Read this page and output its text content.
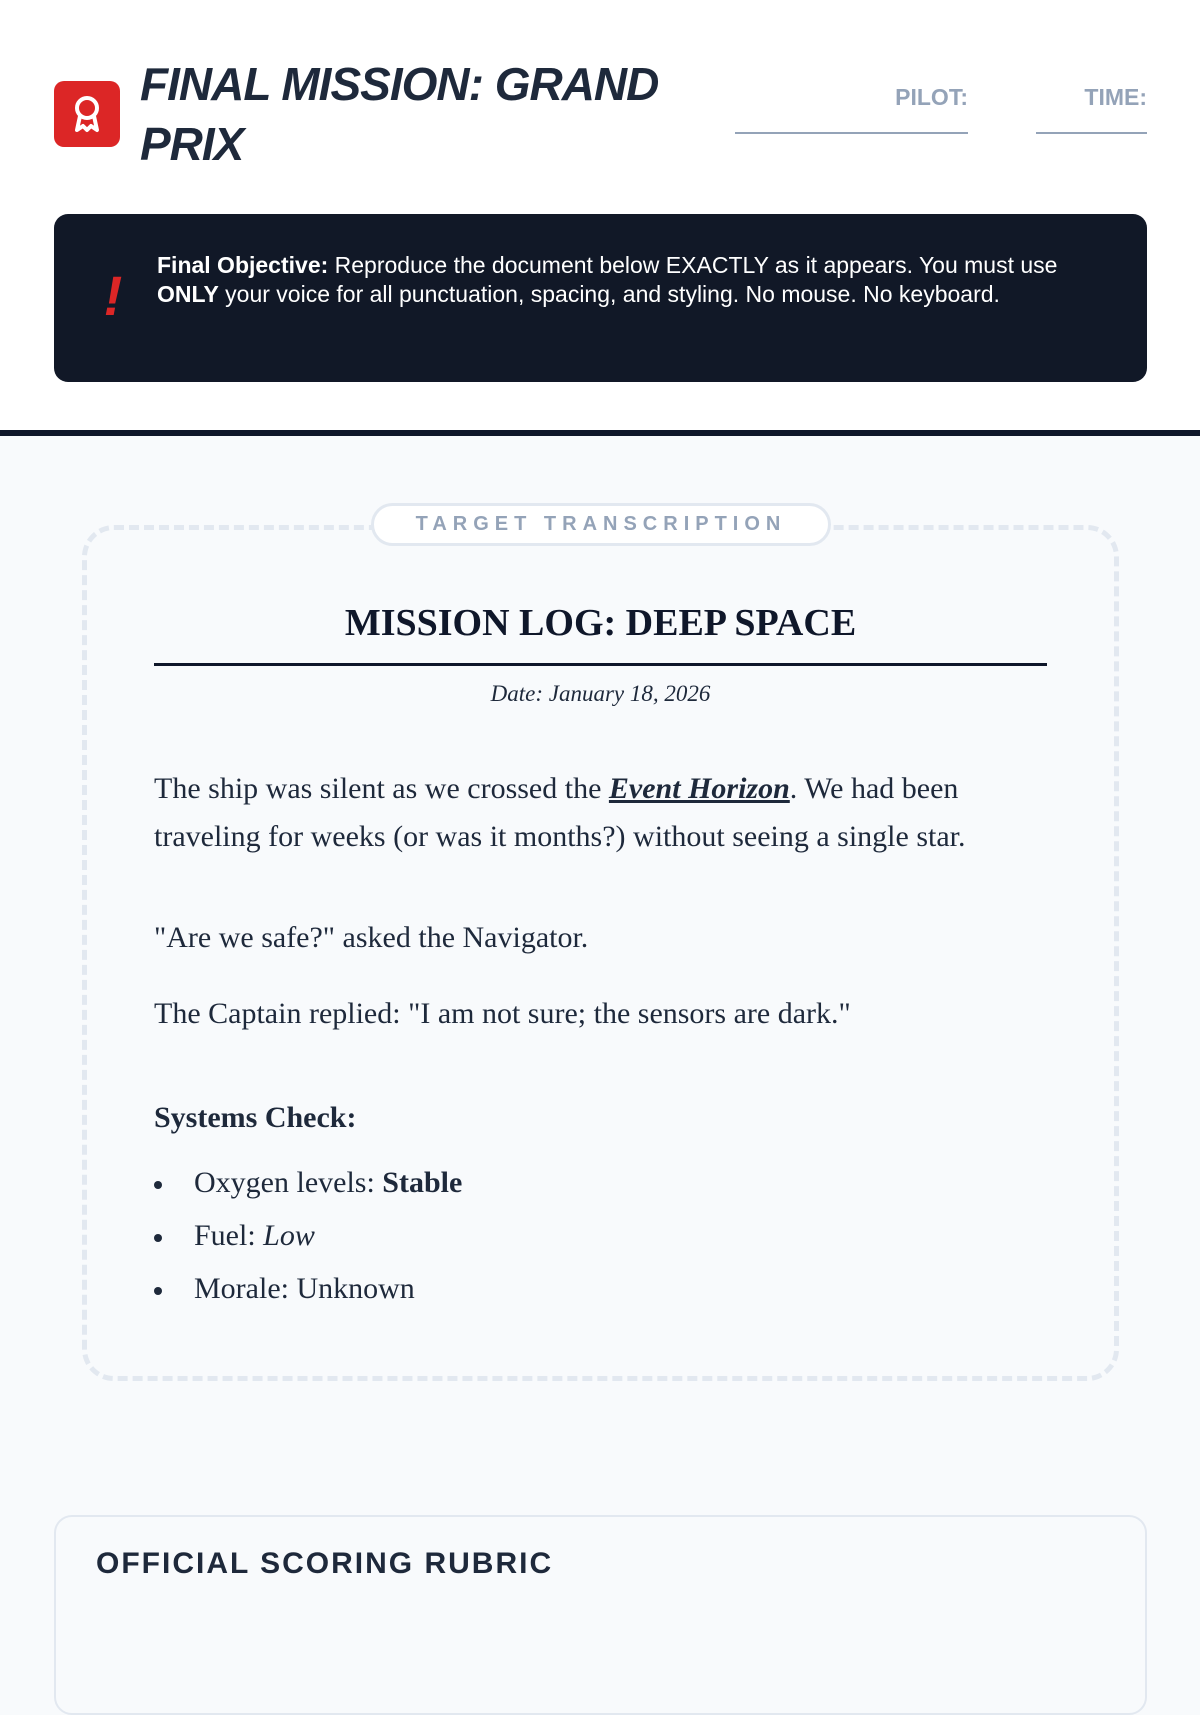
FINAL MISSION: GRAND PRIX
PILOT:	TIME:
! Final Objective: Reproduce the document below EXACTLY as it appears. You must use ONLY your voice for all punctuation, spacing, and styling. No mouse. No keyboard.
TARGET TRANSCRIPTION
MISSION LOG: DEEP SPACE
Date: January 18, 2026
The ship was silent as we crossed the Event Horizon. We had been traveling for weeks (or was it months?) without seeing a single star.
"Are we safe?" asked the Navigator.
The Captain replied: "I am not sure; the sensors are dark."
Systems Check:
Oxygen levels: Stable
Fuel: Low
Morale: Unknown
OFFICIAL SCORING RUBRIC
